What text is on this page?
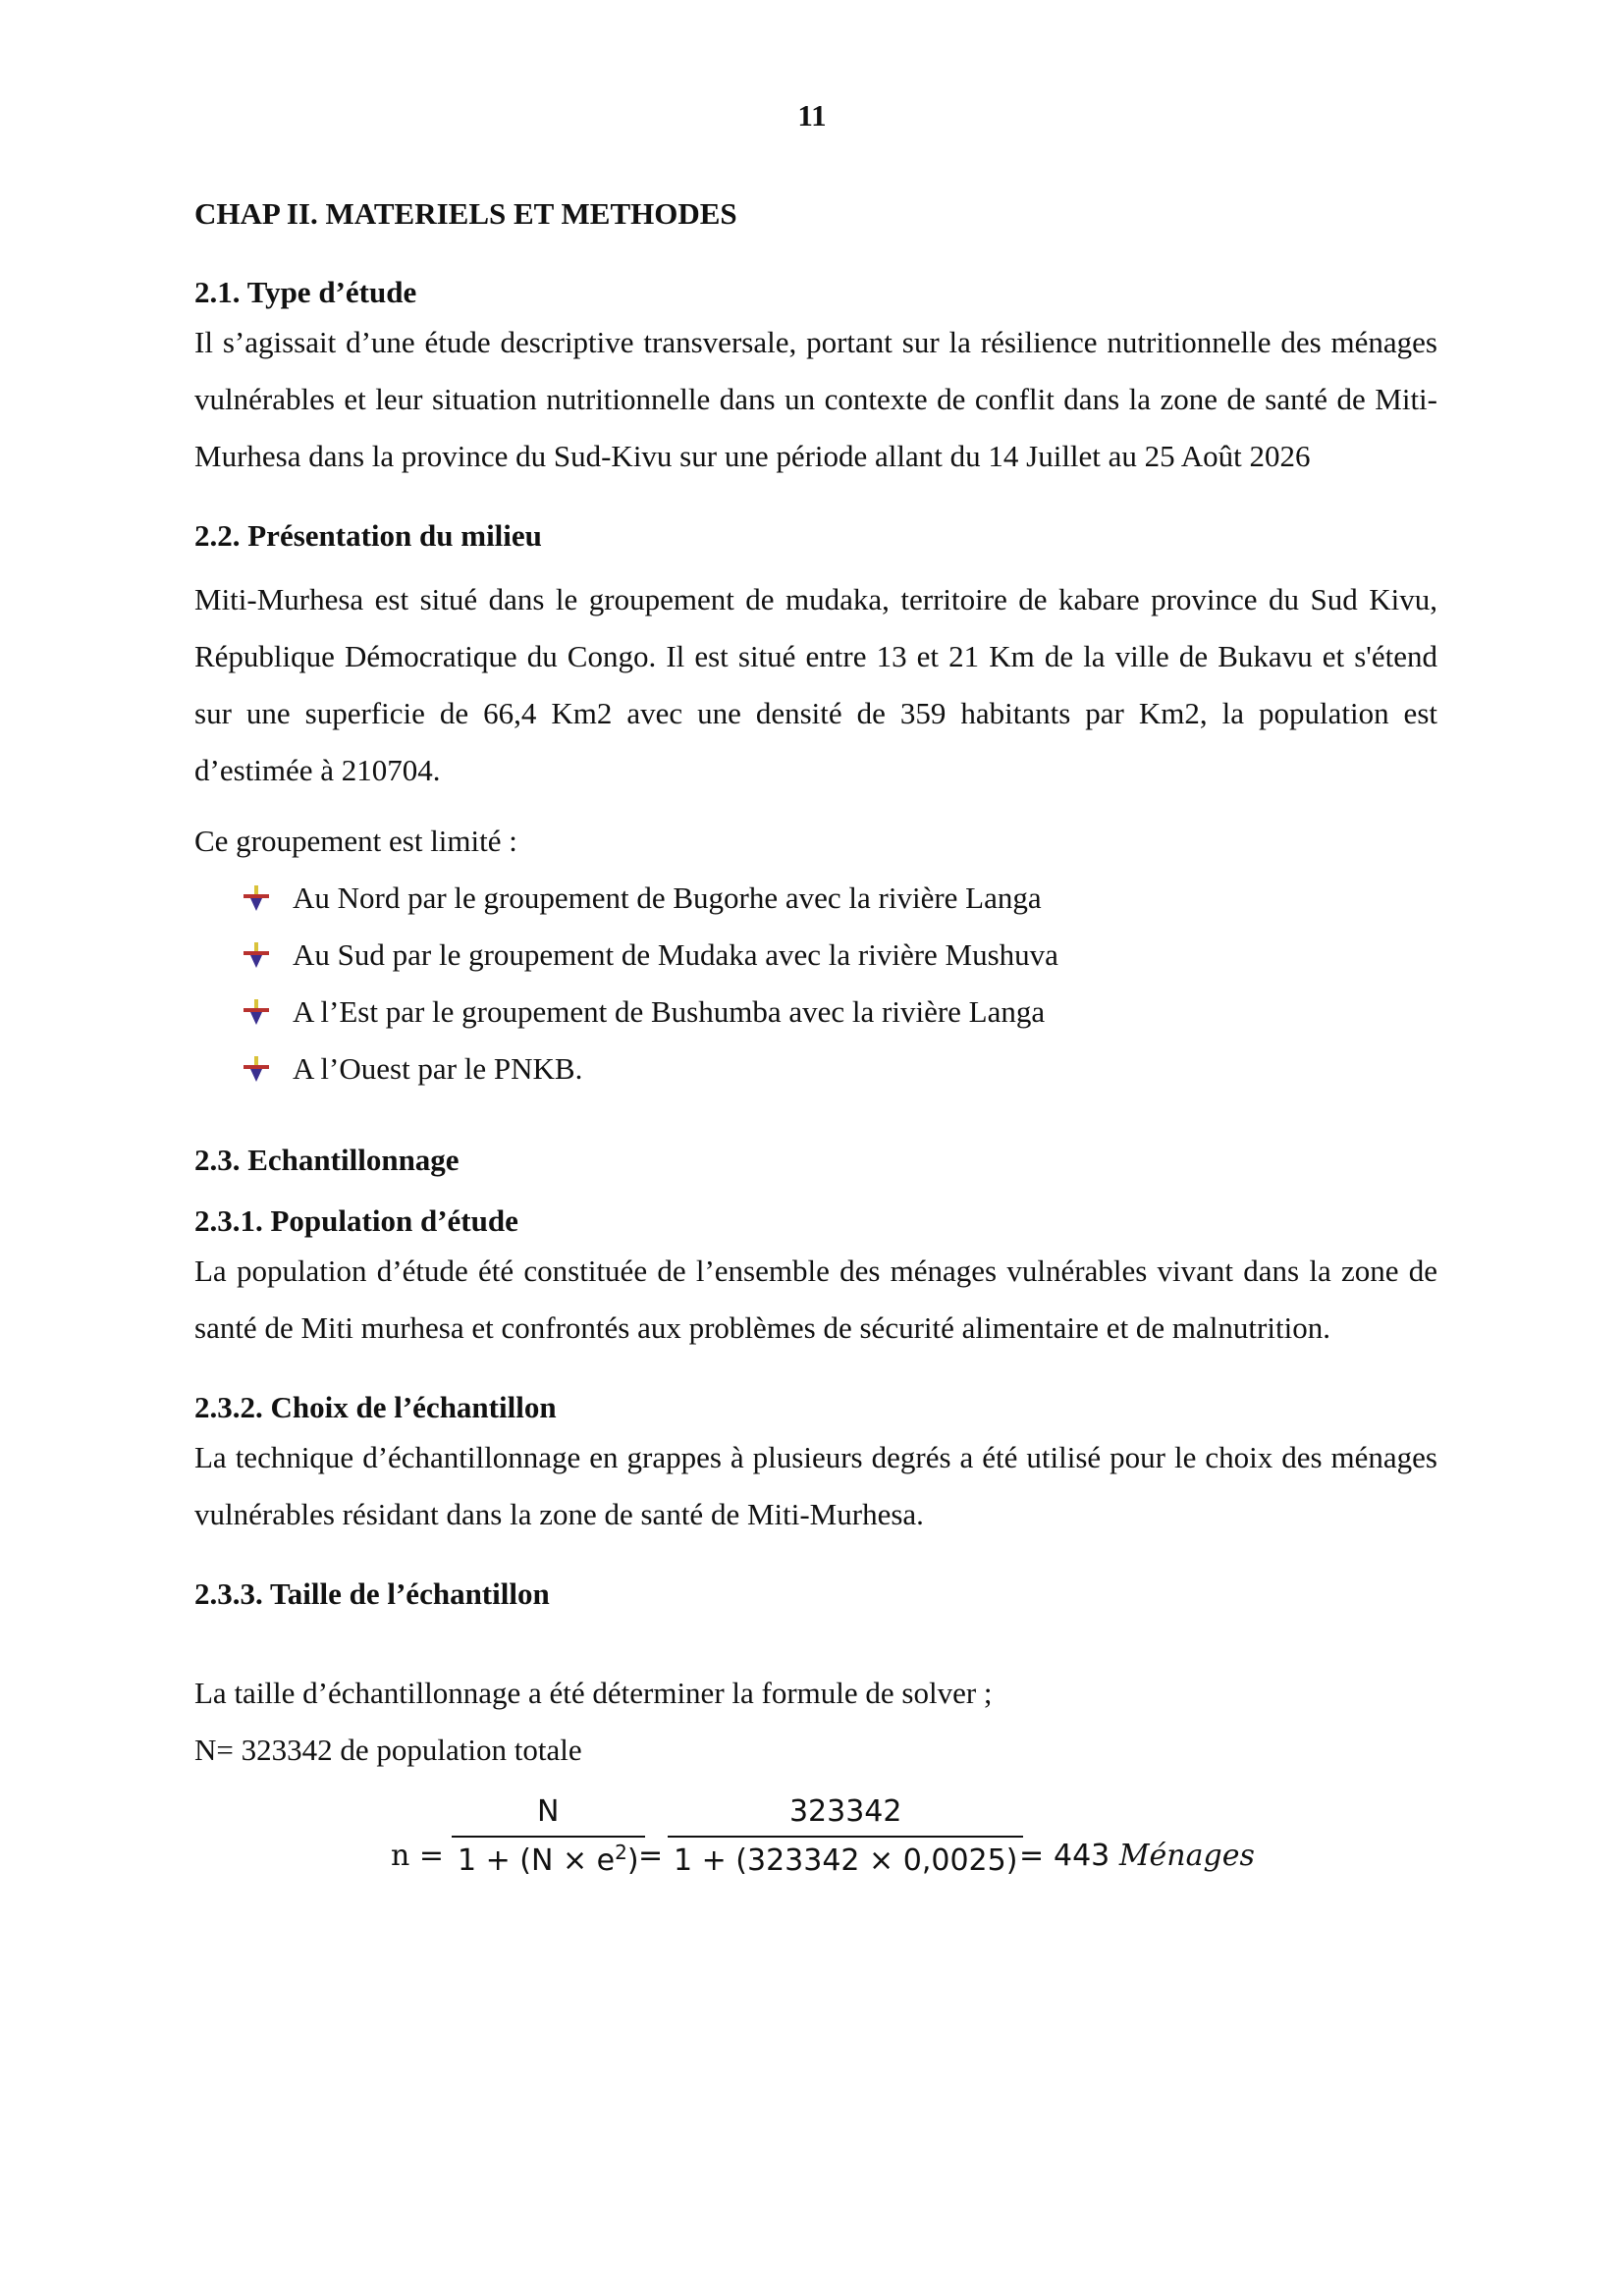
11
CHAP II. MATERIELS ET METHODES
2.1. Type d’étude

Il s’agissait d’une étude descriptive transversale, portant sur la résilience nutritionnelle des ménages vulnérables et leur situation nutritionnelle dans un contexte de conflit dans la zone de santé de Miti-Murhesa dans la province du Sud-Kivu sur une période allant du 14 Juillet au 25 Août 2026

2.2. Présentation du milieu

Miti-Murhesa est situé dans le groupement de mudaka, territoire de kabare province du Sud Kivu, République Démocratique du Congo. Il est situé entre 13 et 21 Km de la ville de Bukavu et s'étend sur une superficie de 66,4 Km2 avec une densité de 359 habitants par Km2, la population est d’estimée à 210704.

Ce groupement est limité :

Au Nord par le groupement de Bugorhe avec la rivière Langa
Au Sud par le groupement de Mudaka avec la rivière Mushuva
A l’Est par le groupement de Bushumba avec la rivière Langa
A l’Ouest par le PNKB.
2.3. Echantillonnage
2.3.1. Population d’étude

La population d’étude été constituée de l’ensemble des ménages vulnérables vivant dans la zone de santé de Miti murhesa et confrontés aux problèmes de sécurité alimentaire et de malnutrition.

2.3.2. Choix de l’échantillon

La technique d’échantillonnage en grappes à plusieurs degrés a été utilisé pour le choix des ménages vulnérables résidant dans la zone de santé de Miti-Murhesa.

2.3.3. Taille de l’échantillon

La taille d’échantillonnage a été déterminer la formule de solver ;

N= 323342 de population totale

n =
N
$1 + (N \times e^2)$ =
323342
1 + (323342 × 0,0025) = 443 Ménages
